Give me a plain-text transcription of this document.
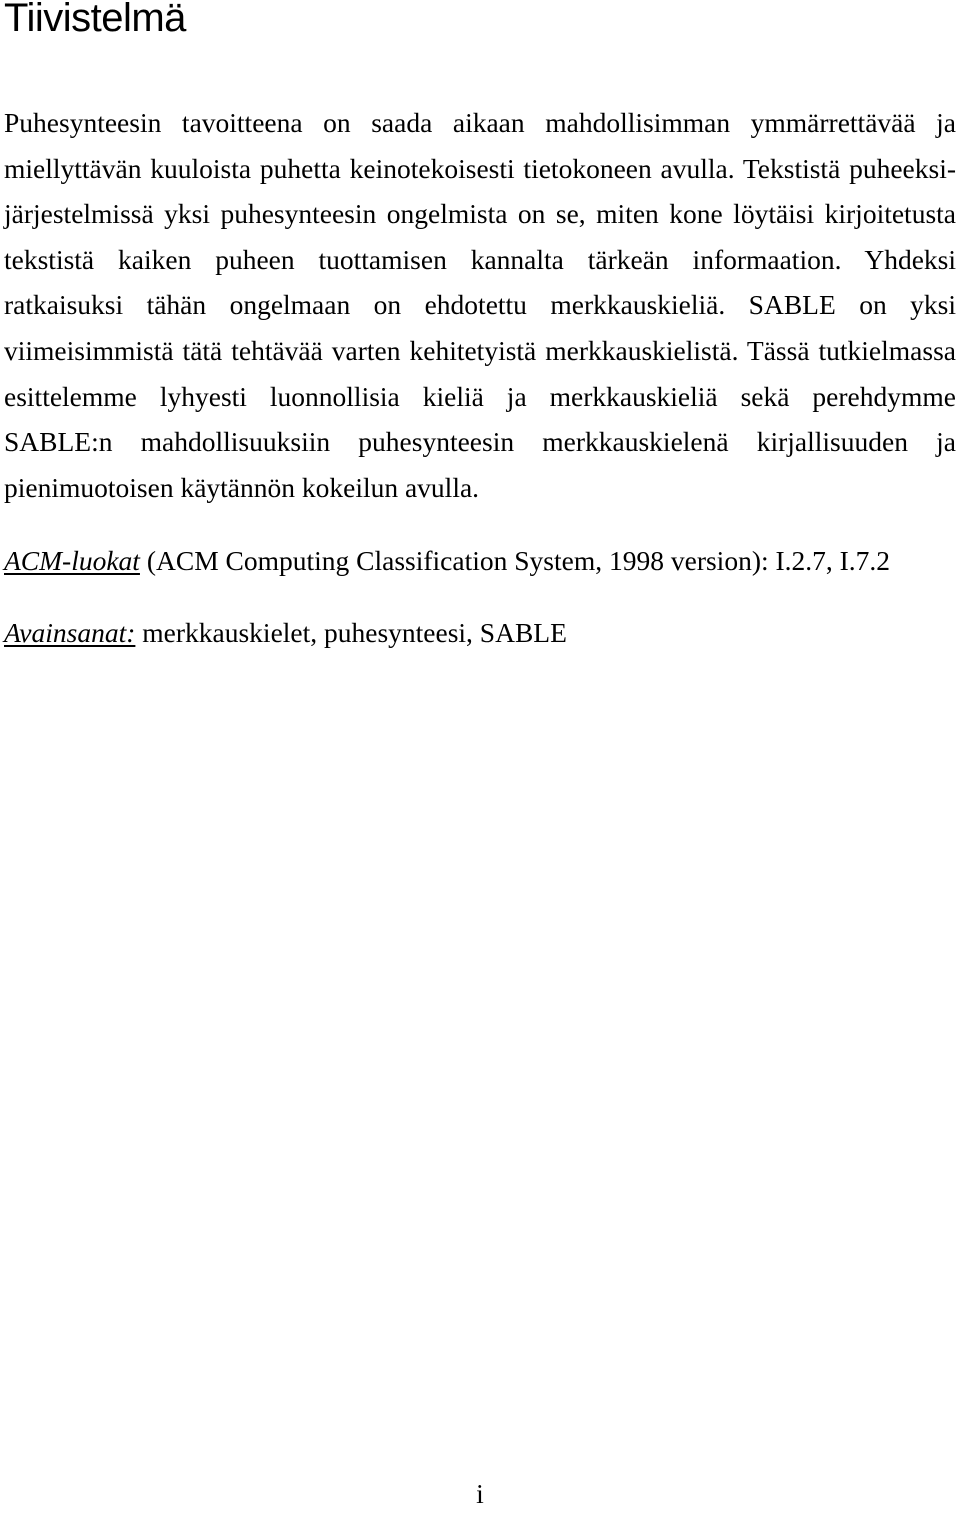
Tiivistelmä

Puhesynteesin tavoitteena on saada aikaan mahdollisimman ymmärrettävää ja miellyttävän kuuloista puhetta keinotekoisesti tietokoneen avulla. Tekstistä puheeksi-järjestelmissä yksi puhesynteesin ongelmista on se, miten kone löytäisi kirjoitetusta tekstistä kaiken puheen tuottamisen kannalta tärkeän informaation. Yhdeksi ratkaisuksi tähän ongelmaan on ehdotettu merkkauskieliä. SABLE on yksi viimeisimmistä tätä tehtävää varten kehitetyistä merkkauskielistä. Tässä tutkielmassa esittelemme lyhyesti luonnollisia kieliä ja merkkauskieliä sekä perehdymme SABLE:n mahdollisuuksiin puhesynteesin merkkauskielenä kirjallisuuden ja pienimuotoisen käytännön kokeilun avulla.

ACM-luokat (ACM Computing Classification System, 1998 version): I.2.7, I.7.2

Avainsanat: merkkauskielet, puhesynteesi, SABLE

i
